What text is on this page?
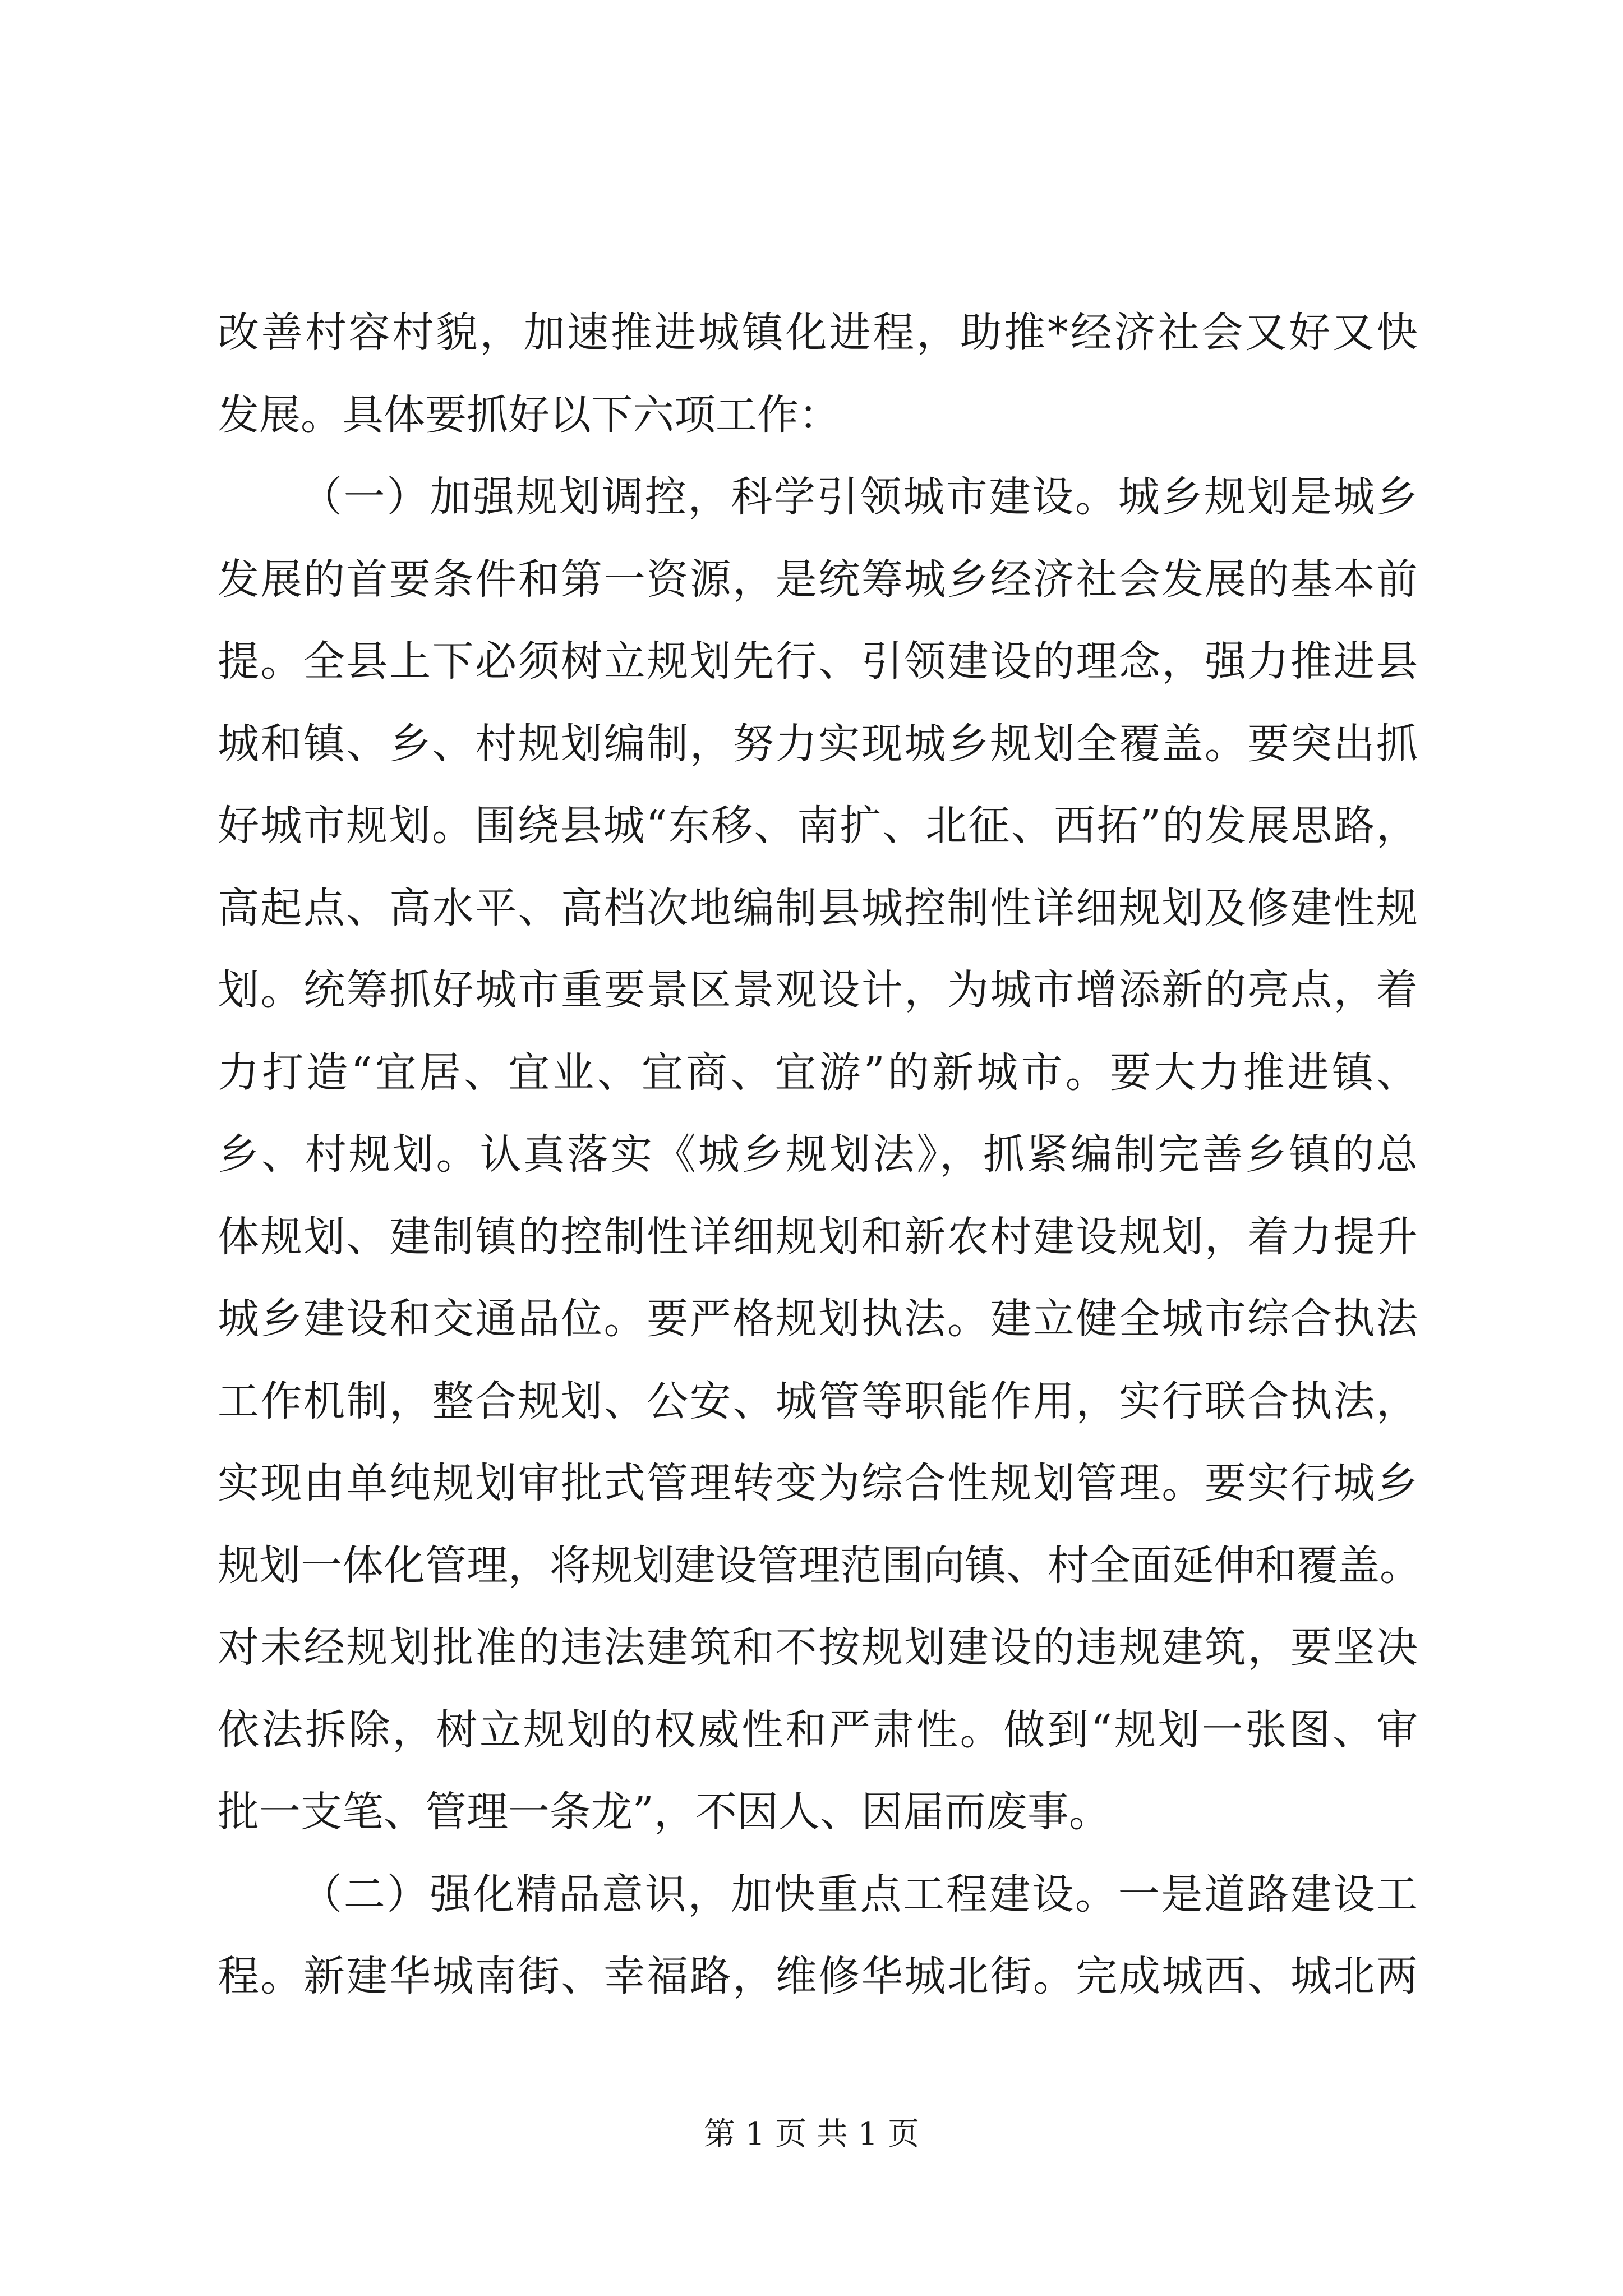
改善村容村貌，加速推进城镇化进程，助推*经济社会又好又快
发展。具体要抓好以下六项工作：
（一）加强规划调控，科学引领城市建设。城乡规划是城乡
发展的首要条件和第一资源，是统筹城乡经济社会发展的基本前
提。全县上下必须树立规划先行、引领建设的理念，强力推进县
城和镇、乡、村规划编制，努力实现城乡规划全覆盖。要突出抓
好城市规划。围绕县城“东移、南扩、北征、西拓”的发展思路，
高起点、高水平、高档次地编制县城控制性详细规划及修建性规
划。统筹抓好城市重要景区景观设计，为城市增添新的亮点，着
力打造“宜居、宜业、宜商、宜游”的新城市。要大力推进镇、
乡、村规划。认真落实《城乡规划法》，抓紧编制完善乡镇的总
体规划、建制镇的控制性详细规划和新农村建设规划，着力提升
城乡建设和交通品位。要严格规划执法。建立健全城市综合执法
工作机制，整合规划、公安、城管等职能作用，实行联合执法，
实现由单纯规划审批式管理转变为综合性规划管理。要实行城乡
规划一体化管理，将规划建设管理范围向镇、村全面延伸和覆盖。
对未经规划批准的违法建筑和不按规划建设的违规建筑，要坚决
依法拆除，树立规划的权威性和严肃性。做到“规划一张图、审
批一支笔、管理一条龙”，不因人、因届而废事。
（二）强化精品意识，加快重点工程建设。一是道路建设工
程。新建华城南街、幸福路，维修华城北街。完成城西、城北两
第 1 页 共 1 页
